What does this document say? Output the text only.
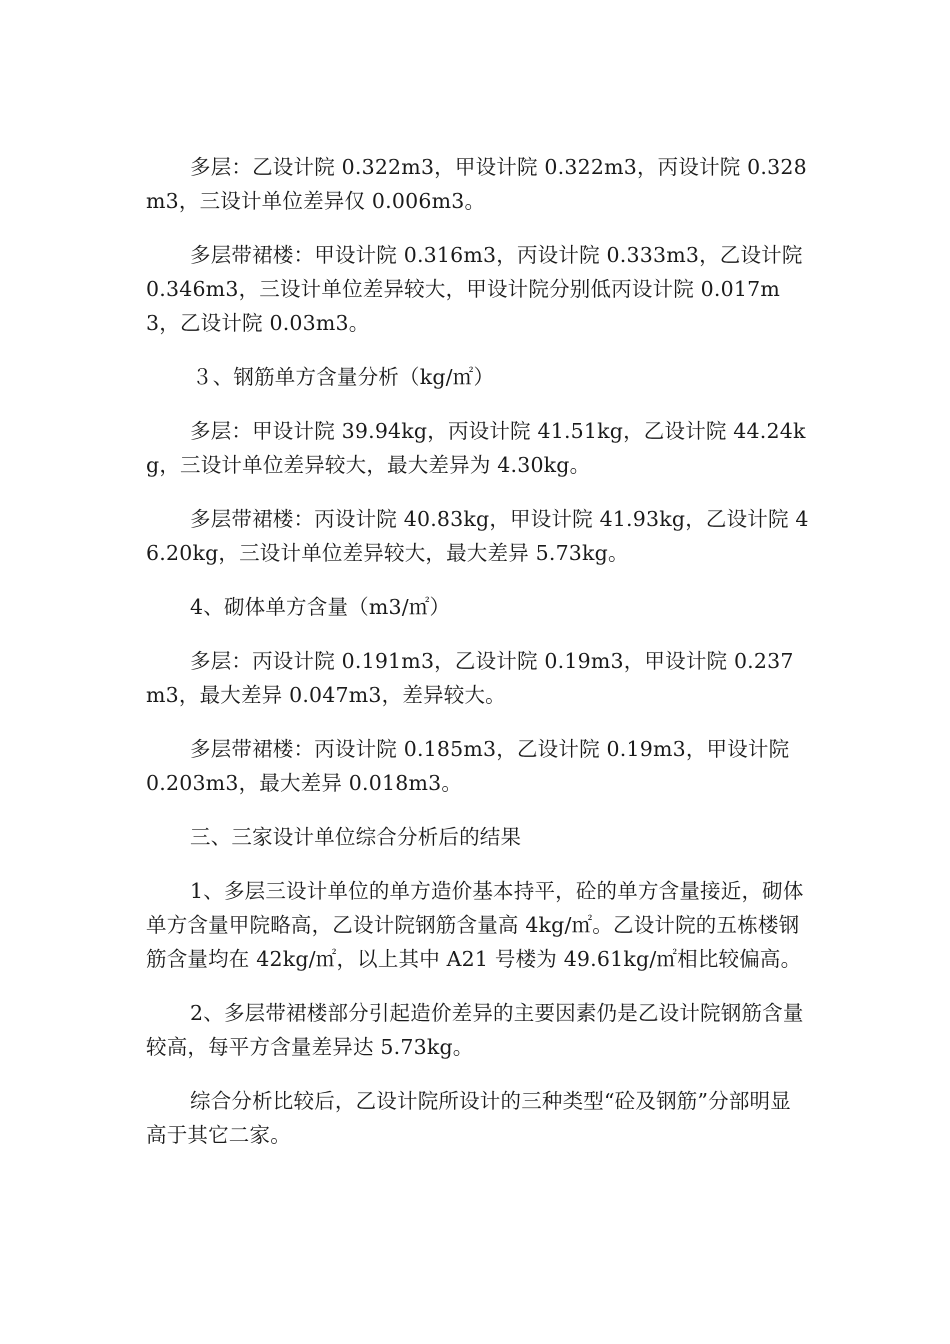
多层：乙设计院 0.322m3，甲设计院 0.322m3，丙设计院 0.328m3，三设计单位差异仅 0.006m3。

多层带裙楼：甲设计院 0.316m3，丙设计院 0.333m3，乙设计院 0.346m3，三设计单位差异较大，甲设计院分别低丙设计院 0.017m3，乙设计院 0.03m3。

３、钢筋单方含量分析（kg/㎡）

多层：甲设计院 39.94kg，丙设计院 41.51kg，乙设计院 44.24kg，三设计单位差异较大，最大差异为 4.30kg。

多层带裙楼：丙设计院 40.83kg，甲设计院 41.93kg，乙设计院 46.20kg，三设计单位差异较大，最大差异 5.73kg。

4、砌体单方含量（m3/㎡）

多层：丙设计院 0.191m3，乙设计院 0.19m3，甲设计院 0.237m3，最大差异 0.047m3，差异较大。

多层带裙楼：丙设计院 0.185m3，乙设计院 0.19m3，甲设计院 0.203m3，最大差异 0.018m3。

三、三家设计单位综合分析后的结果

1、多层三设计单位的单方造价基本持平，砼的单方含量接近，砌体单方含量甲院略高，乙设计院钢筋含量高 4kg/㎡。乙设计院的五栋楼钢筋含量均在 42kg/㎡，以上其中 A21 号楼为 49.61kg/㎡相比较偏高。

2、多层带裙楼部分引起造价差异的主要因素仍是乙设计院钢筋含量较高，每平方含量差异达 5.73kg。

综合分析比较后，乙设计院所设计的三种类型“砼及钢筋”分部明显高于其它二家。
